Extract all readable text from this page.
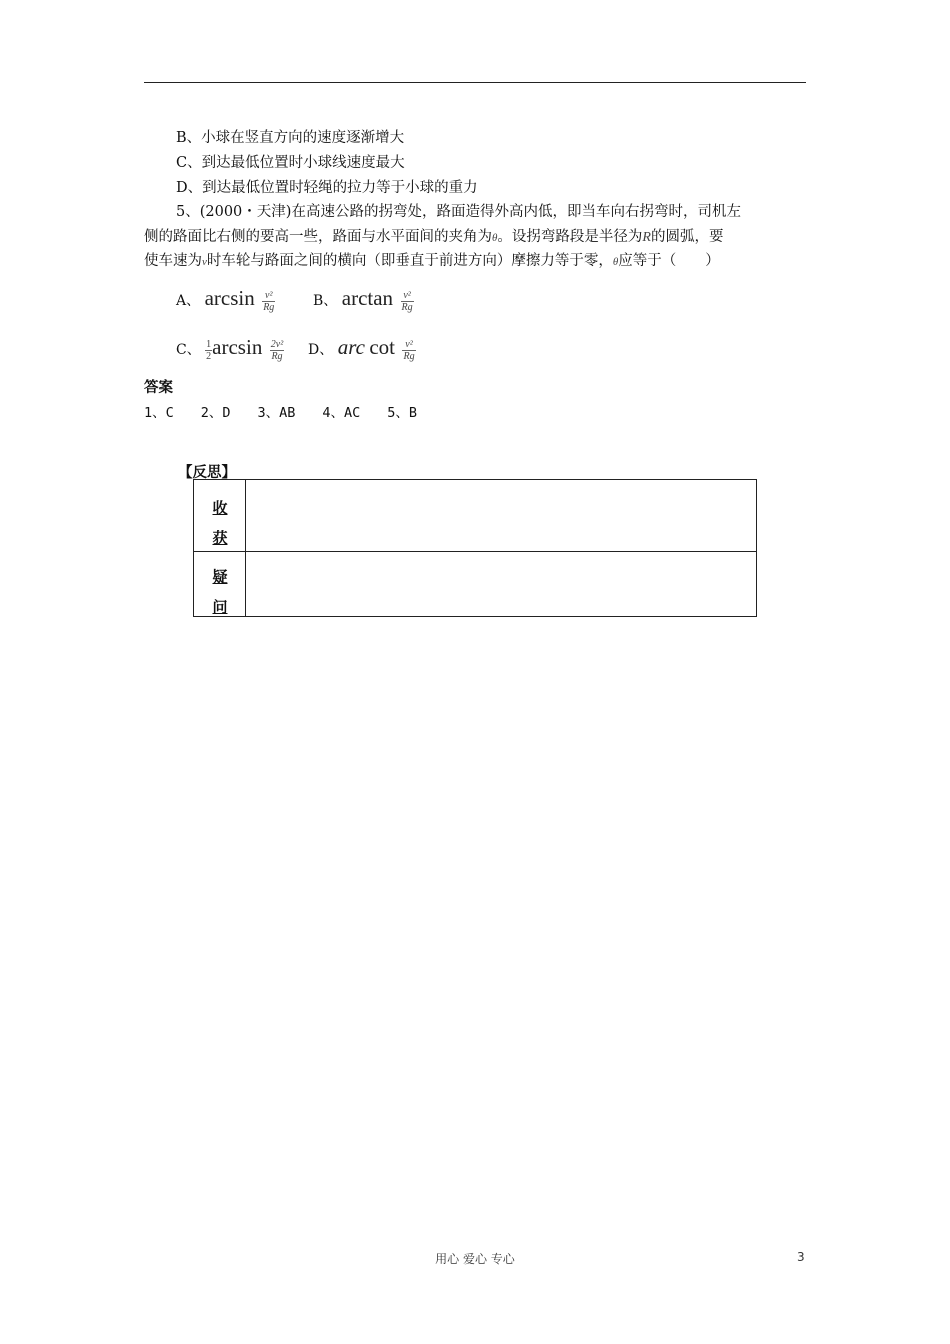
B、小球在竖直方向的速度逐渐增大
C、到达最低位置时小球线速度最大
D、到达最低位置时轻绳的拉力等于小球的重力
5、(2000・天津)在高速公路的拐弯处，路面造得外高内低，即当车向右拐弯时，司机左
侧的路面比右侧的要高一些，路面与水平面间的夹角为θ。设拐弯路段是半径为R的圆弧，要
使车速为v时车轮与路面之间的横向（即垂直于前进方向）摩擦力等于零，θ应等于（　　）
A、 $\arcsin \frac{\text{v²}}{Rg}$	B、 $\arctan \frac{\text{v²}}{Rg}$
C、 $\frac{1}{2}$ $\arcsin \frac{\text{2v²}}{Rg}$ D、 arc $\cot \frac{\text{v²}}{Rg}$
答案
1、C　　2、D　　3、AB　　4、AC　　5、B
【反思】
收
获
疑
问
用心 爱心 专心	3
